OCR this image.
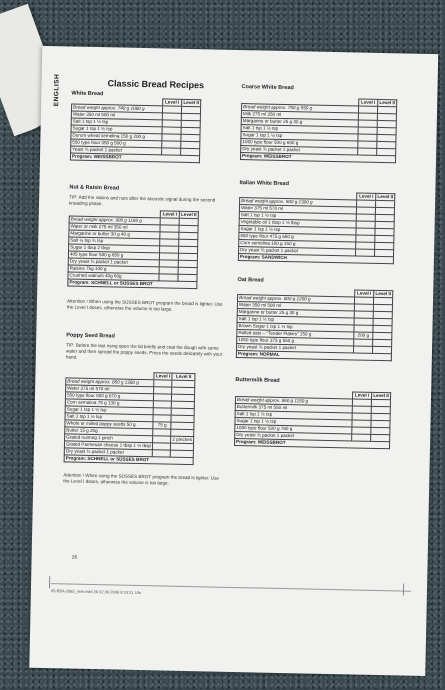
ENGLISH	Classic Bread Recipes
White Bread
	Level I	Level II
Bread weight approx. 740 g 1080 g		
Water 350 ml 500 ml		
Salt 1 tsp 1 ½ tsp		
Sugar 1 tsp 1 ½ tsp		
Durum wheat semolina 150 g 200 g		
550 type flour 350 g 500 g		
Yeast ¾ packet 1 packet		
Program: WEISSBROT		
Nut & Raisin Bread
TIP: Add the raisins and nuts after the acoustic signal during the second kneading phase.
	Level I	Level II
Bread weight approx. 900 g 1180 g		
Water or milk 275 ml 350 ml		
Margarine or butter 30 g 40 g		
Salt ½ tsp ¾ tsp		
Sugar 1 tbsp 2 tbsp		
405 type flour 500 g 650 g		
Dry yeast ¾ packet 1 packet		
Raisins 75g 100 g		
Crushed walnuts 40g 60g		
Program: SCHNELL or SÜSSES BROT		
Attention ! When using the SÜSSES BROT program the bread is lighter. Use the Level I doses, otherwise the volume is too large.
Poppy Seed Bread
TIP: Before the last rising open the lid briefly and coat the dough with some water and then spread the poppy seeds. Press the seeds delicately with your hand.
	Level I	Level II
Bread weight approx. 850 g 1380 g		
Water 375 ml 570 ml		
550 type flour 500 g 670 g		
Corn semolina 75 g 130 g		
Sugar 1 tsp 1 ½ tsp		
Salt 1 tsp 1 ½ tsp		
Whole or milled poppy seeds 50 g	75 g	
Butter 15 g 20g		
Grated nutmeg 1 pinch		2 pinches
Grated Parmesan cheese 1 tbsp 1 ½ tbsp		
Dry yeast ¾ packet 1 packet		
Program: SCHNELL or SÜSSES BROT		
Attention ! When using the SÜSSES BROT program the bread is lighter. Use the Level I doses, otherwise the volume is too large.
Coarse White Bread
	Level I	Level II
Bread weight approx. 750 g 950 g		
Milk 275 ml 350 ml		
Margarine or butter 25 g 30 g		
Salt 1 tsp 1 ½ tsp		
Sugar 1 tsp 1 ½ tsp		
1050 type flour 500 g 650 g		
Dry yeast ¾ packet 1 packet		
Program: WEISSBROT		
Italian White Bread
	Level I	Level II
Bread weight approx. 900 g 1300 g		
Water 375 ml 570 ml		
Salt 1 tsp 1 ½ tsp		
Vegetable oil 1 tbsp 1 ½ tbsp		
Sugar 1 tsp 1 ½ tsp		
550 type flour 475 g 650 g		
Corn semolina 100 g 150 g		
Dry yeast ¾ packet 1 packet		
Program: SANDWICH		
Oat Bread
	Level I	Level II
Bread weight approx. 800 g 1200 g		
Water 350 ml 500 ml		
Margarine or butter 25 g 30 g		
Salt 1 tsp 1 ½ tsp		
Brown Sugar 1 tsp 1 ½ tsp		
Rolled oats – "Tender Flakes" 150 g	200 g	
1050 type flour 375 g 550 g		
Dry yeast ¾ packet 1 packet		
Program: NORMAL		
Buttermilk Bread
	Level I	Level II
Bread weight approx. 860 g 1150 g		
Buttermilk 375 ml 550 ml		
Salt 1 tsp 1 ½ tsp		
Sugar 1 tsp 1 ½ tsp		
1050 type flour 500 g 760 g		
Dry yeast ¾ packet 1 packet		
Program: WEISSBROT		
26
05-BBA 2865_new.indd 26 02.09.2009 9:15:21 Uhr
